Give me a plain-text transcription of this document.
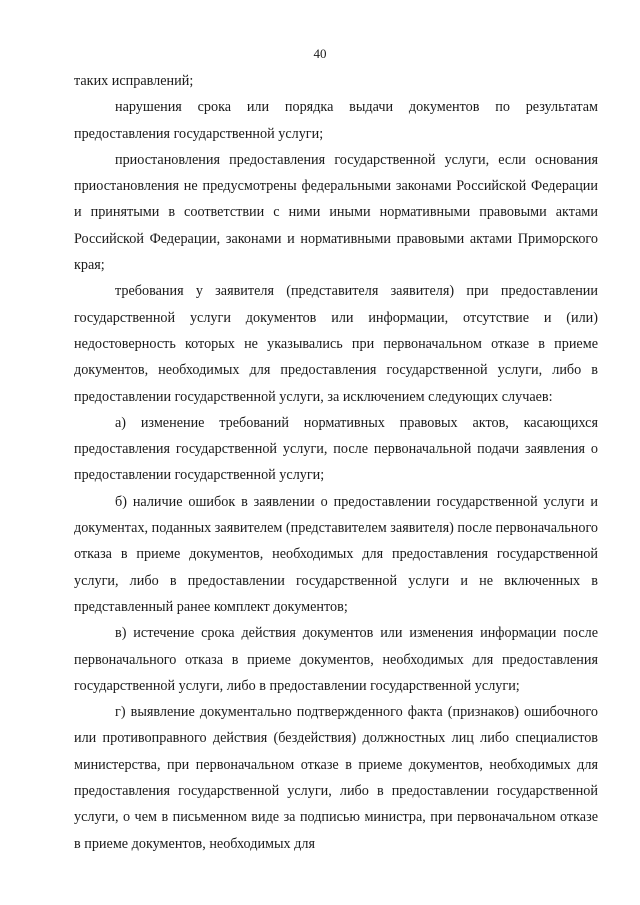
40

таких исправлений;

нарушения срока или порядка выдачи документов по результатам предоставления государственной услуги;

приостановления предоставления государственной услуги, если основания приостановления не предусмотрены федеральными законами Российской Федерации и принятыми в соответствии с ними иными нормативными правовыми актами Российской Федерации, законами и нормативными правовыми актами Приморского края;

требования у заявителя (представителя заявителя) при предоставлении государственной услуги документов или информации, отсутствие и (или) недостоверность которых не указывались при первоначальном отказе в приеме документов, необходимых для предоставления государственной услуги, либо в предоставлении государственной услуги, за исключением следующих случаев:

а) изменение требований нормативных правовых актов, касающихся предоставления государственной услуги, после первоначальной подачи заявления о предоставлении государственной услуги;

б) наличие ошибок в заявлении о предоставлении государственной услуги и документах, поданных заявителем (представителем заявителя) после первоначального отказа в приеме документов, необходимых для предоставления государственной услуги, либо в предоставлении государственной услуги и не включенных в представленный ранее комплект документов;

в) истечение срока действия документов или изменения информации после первоначального отказа в приеме документов, необходимых для предоставления государственной услуги, либо в предоставлении государственной услуги;

г) выявление документально подтвержденного факта (признаков) ошибочного или противоправного действия (бездействия) должностных лиц либо специалистов министерства, при первоначальном отказе в приеме документов, необходимых для предоставления государственной услуги, либо в предоставлении государственной услуги, о чем в письменном виде за подписью министра, при первоначальном отказе в приеме документов, необходимых для
